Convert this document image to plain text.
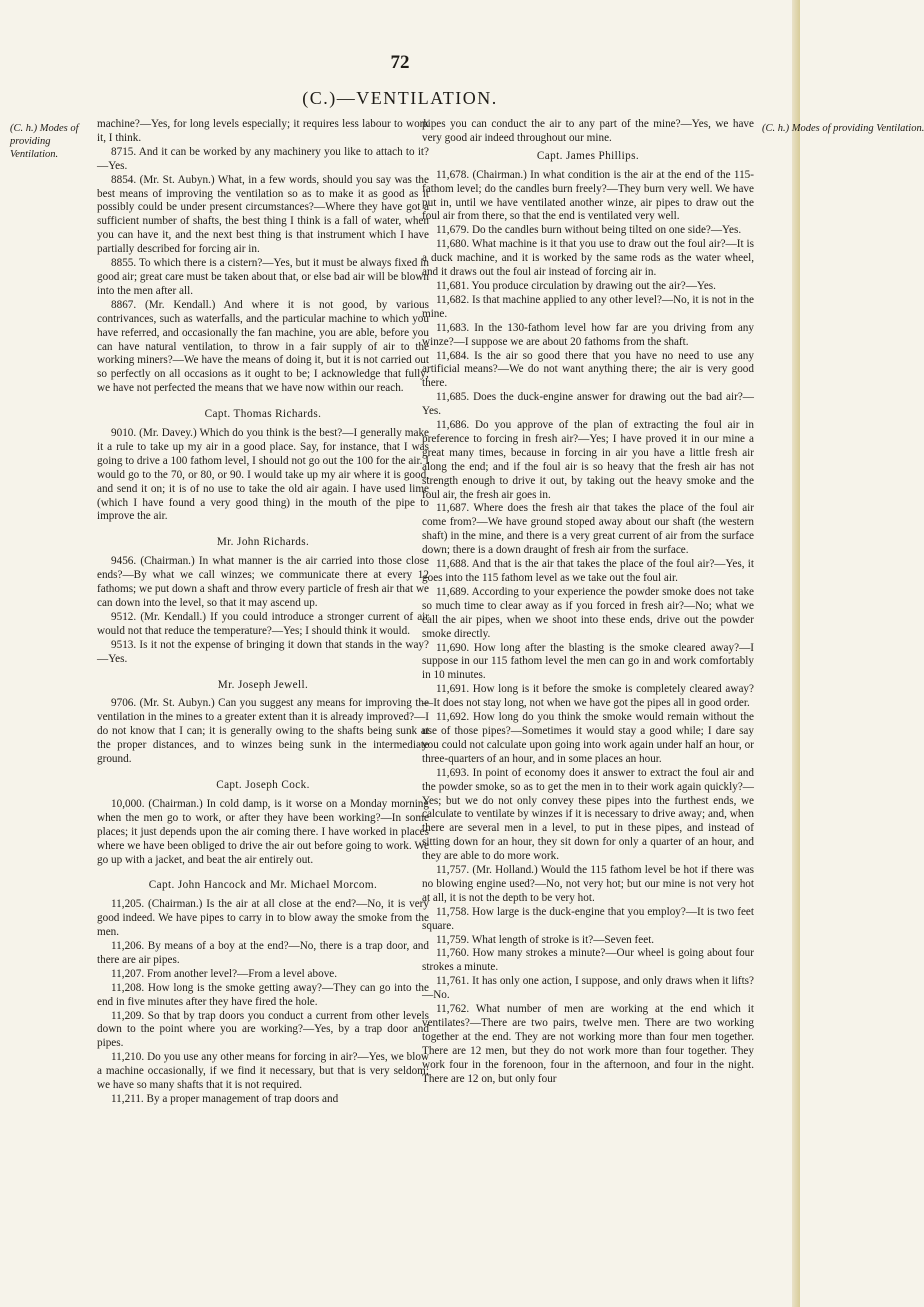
72
(C.)—VENTILATION.
(C. h.) Modes of providing Ventilation.
(C. h.) Modes of providing Ventilation.

machine?—Yes, for long levels especially; it requires less labour to work it, I think.

8715. And it can be worked by any machinery you like to attach to it?—Yes.

8854. (Mr. St. Aubyn.) What, in a few words, should you say was the best means of improving the ventilation so as to make it as good as it possibly could be under present circumstances?—Where they have got a sufficient number of shafts, the best thing I think is a fall of water, when you can have it, and the next best thing is that instrument which I have partially described for forcing air in.

8855. To which there is a cistern?—Yes, but it must be always fixed in good air; great care must be taken about that, or else bad air will be blown into the men after all.

8867. (Mr. Kendall.) And where it is not good, by various contrivances, such as waterfalls, and the particular machine to which you have referred, and occasionally the fan machine, you are able, before you can have natural ventilation, to throw in a fair supply of air to the working miners?—We have the means of doing it, but it is not carried out so perfectly on all occasions as it ought to be; I acknowledge that fully; we have not perfected the means that we have now within our reach.

Capt. Thomas Richards.

9010. (Mr. Davey.) Which do you think is the best?—I generally make it a rule to take up my air in a good place. Say, for instance, that I was going to drive a 100 fathom level, I should not go out the 100 for the air. I would go to the 70, or 80, or 90. I would take up my air where it is good, and send it on; it is of no use to take the old air again. I have used lime (which I have found a very good thing) in the mouth of the pipe to improve the air.

Mr. John Richards.

9456. (Chairman.) In what manner is the air carried into those close ends?—By what we call winzes; we communicate there at every 12 fathoms; we put down a shaft and throw every particle of fresh air that we can down into the level, so that it may ascend up.

9512. (Mr. Kendall.) If you could introduce a stronger current of air would not that reduce the temperature?—Yes; I should think it would.

9513. Is it not the expense of bringing it down that stands in the way?—Yes.

Mr. Joseph Jewell.

9706. (Mr. St. Aubyn.) Can you suggest any means for improving the ventilation in the mines to a greater extent than it is already improved?—I do not know that I can; it is generally owing to the shafts being sunk at the proper distances, and to winzes being sunk in the intermediate ground.

Capt. Joseph Cock.

10,000. (Chairman.) In cold damp, is it worse on a Monday morning when the men go to work, or after they have been working?—In some places; it just depends upon the air coming there. I have worked in places where we have been obliged to drive the air out before going to work. We go up with a jacket, and beat the air entirely out.

Capt. John Hancock and Mr. Michael Morcom.

11,205. (Chairman.) Is the air at all close at the end?—No, it is very good indeed. We have pipes to carry in to blow away the smoke from the men.

11,206. By means of a boy at the end?—No, there is a trap door, and there are air pipes.

11,207. From another level?—From a level above.

11,208. How long is the smoke getting away?—They can go into the end in five minutes after they have fired the hole.

11,209. So that by trap doors you conduct a current from other levels down to the point where you are working?—Yes, by a trap door and pipes.

11,210. Do you use any other means for forcing in air?—Yes, we blow a machine occasionally, if we find it necessary, but that is very seldom; we have so many shafts that it is not required.

11,211. By a proper management of trap doors and

pipes you can conduct the air to any part of the mine?—Yes, we have very good air indeed throughout our mine.

Capt. James Phillips.

11,678. (Chairman.) In what condition is the air at the end of the 115-fathom level; do the candles burn freely?—They burn very well. We have put in, until we have ventilated another winze, air pipes to draw out the foul air from there, so that the end is ventilated very well.

11,679. Do the candles burn without being tilted on one side?—Yes.

11,680. What machine is it that you use to draw out the foul air?—It is a duck machine, and it is worked by the same rods as the water wheel, and it draws out the foul air instead of forcing air in.

11,681. You produce circulation by drawing out the air?—Yes.

11,682. Is that machine applied to any other level?—No, it is not in the mine.

11,683. In the 130-fathom level how far are you driving from any winze?—I suppose we are about 20 fathoms from the shaft.

11,684. Is the air so good there that you have no need to use any artificial means?—We do not want anything there; the air is very good there.

11,685. Does the duck-engine answer for drawing out the bad air?—Yes.

11,686. Do you approve of the plan of extracting the foul air in preference to forcing in fresh air?—Yes; I have proved it in our mine a great many times, because in forcing in air you have a little fresh air along the end; and if the foul air is so heavy that the fresh air has not strength enough to drive it out, by taking out the heavy smoke and the foul air, the fresh air goes in.

11,687. Where does the fresh air that takes the place of the foul air come from?—We have ground stoped away about our shaft (the western shaft) in the mine, and there is a very great current of air from the surface down; there is a down draught of fresh air from the surface.

11,688. And that is the air that takes the place of the foul air?—Yes, it goes into the 115 fathom level as we take out the foul air.

11,689. According to your experience the powder smoke does not take so much time to clear away as if you forced in fresh air?—No; what we call the air pipes, when we shoot into these ends, drive out the powder smoke directly.

11,690. How long after the blasting is the smoke cleared away?—I suppose in our 115 fathom level the men can go in and work comfortably in 10 minutes.

11,691. How long is it before the smoke is completely cleared away?—It does not stay long, not when we have got the pipes all in good order.

11,692. How long do you think the smoke would remain without the use of those pipes?—Sometimes it would stay a good while; I dare say you could not calculate upon going into work again under half an hour, or three-quarters of an hour, and in some places an hour.

11,693. In point of economy does it answer to extract the foul air and the powder smoke, so as to get the men in to their work again quickly?—Yes; but we do not only convey these pipes into the furthest ends, we calculate to ventilate by winzes if it is necessary to drive away; and, when there are several men in a level, to put in these pipes, and instead of sitting down for an hour, they sit down for only a quarter of an hour, and they are able to do more work.

11,757. (Mr. Holland.) Would the 115 fathom level be hot if there was no blowing engine used?—No, not very hot; but our mine is not very hot at all, it is not the depth to be very hot.

11,758. How large is the duck-engine that you employ?—It is two feet square.

11,759. What length of stroke is it?—Seven feet.

11,760. How many strokes a minute?—Our wheel is going about four strokes a minute.

11,761. It has only one action, I suppose, and only draws when it lifts?—No.

11,762. What number of men are working at the end which it ventilates?—There are two pairs, twelve men. There are two working together at the end. They are not working more than four men together. There are 12 men, but they do not work more than four together. They work four in the forenoon, four in the afternoon, and four in the night. There are 12 on, but only four
